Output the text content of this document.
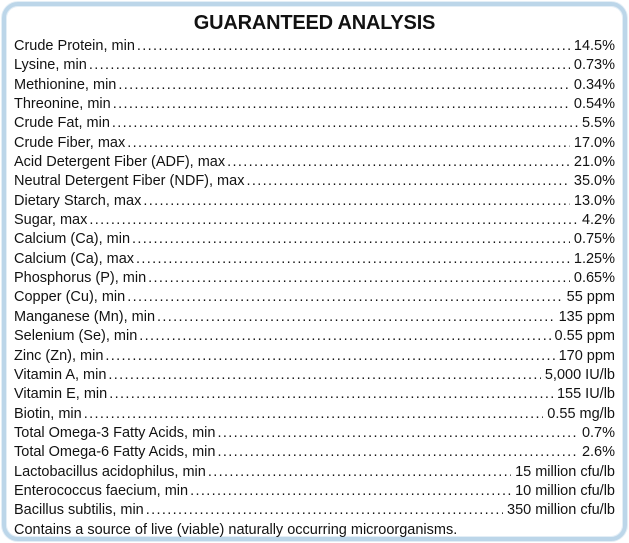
GUARANTEED ANALYSIS
Crude Protein, min .....	14.5%
Lysine, min .....	0.73%
Methionine, min .....	0.34%
Threonine, min .....	0.54%
Crude Fat, min .....	5.5%
Crude Fiber, max .....	17.0%
Acid Detergent Fiber (ADF), max .....	21.0%
Neutral Detergent Fiber (NDF), max .....	35.0%
Dietary Starch, max .....	13.0%
Sugar, max .....	4.2%
Calcium (Ca), min .....	0.75%
Calcium (Ca), max .....	1.25%
Phosphorus (P), min .....	0.65%
Copper (Cu), min .....	55 ppm
Manganese (Mn), min .....	135 ppm
Selenium (Se), min .....	0.55 ppm
Zinc (Zn), min .....	170 ppm
Vitamin A, min .....	5,000 IU/lb
Vitamin E, min .....	155 IU/lb
Biotin, min .....	0.55 mg/lb
Total Omega-3 Fatty Acids, min .....	0.7%
Total Omega-6 Fatty Acids, min .....	2.6%
Lactobacillus acidophilus, min .....	15 million cfu/lb
Enterococcus faecium, min .....	10 million cfu/lb
Bacillus subtilis, min .....	350 million cfu/lb
Contains a source of live (viable) naturally occurring microorganisms.
